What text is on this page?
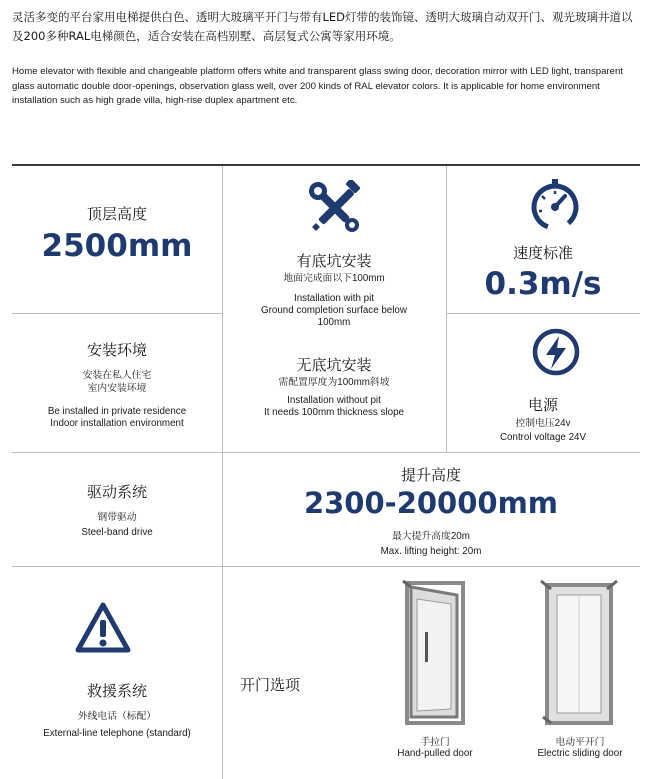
灵活多变的平台家用电梯提供白色、透明大玻璃平开门与带有LED灯带的装饰镜、透明大玻璃自动双开门、观光玻璃井道以及200多种RAL电梯颜色，适合安装在高档别墅、高层复式公寓等家用环境。
Home elevator with flexible and changeable platform offers white and transparent glass swing door, decoration mirror with LED light, transparent glass automatic double door-openings, observation glass well, over 200 kinds of RAL elevator colors. It is applicable for home environment installation such as high grade villa, high-rise duplex apartment etc.
顶层高度
2500mm	有底坑安装
地面完成面以下100mm
Installation with pit
Ground completion surface below
100mm
速度标准
0.3m/s
安装环境
安装在私人住宅
室内安装环境
Be installed in private residence
Indoor installation environment
无底坑安装
需配置厚度为100mm斜坡
Installation without pit
It needs 100mm thickness slope	电源
控制电压24v
Control voltage 24V
驱动系统
钢带驱动
Steel-band drive
提升高度
2300-20000mm
最大提升高度20m
Max. lifting height: 20m
救援系统
外线电话（标配）
External-line telephone (standard)
开门选项
手拉门
Hand-pulled door
电动平开门
Electric sliding door
